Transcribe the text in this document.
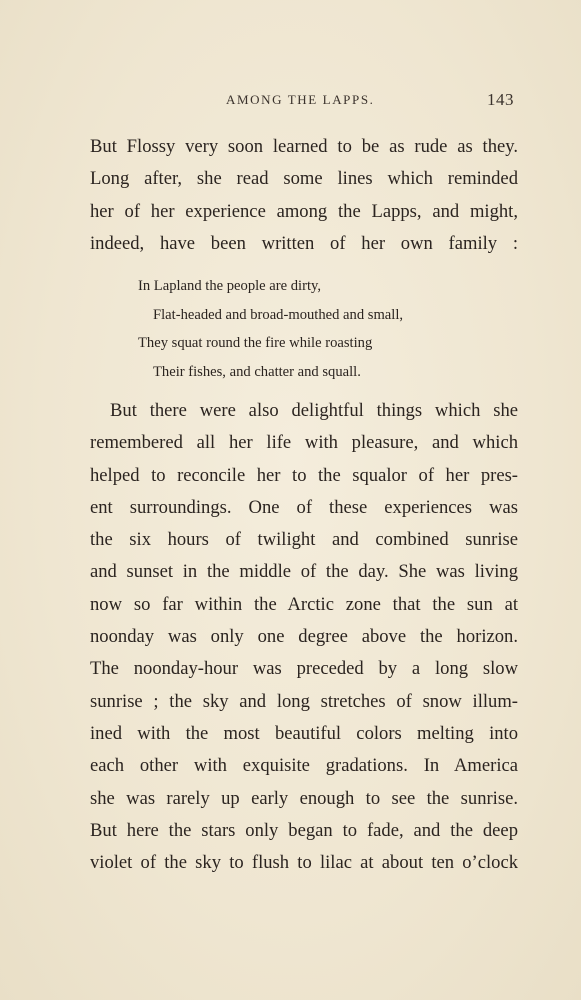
AMONG THE LAPPS.	143
But Flossy very soon learned to be as rude as they.
Long after, she read some lines which reminded
her of her experience among the Lapps, and might,
indeed, have been written of her own family :
In Lapland the people are dirty,
Flat-headed and broad-mouthed and small,
They squat round the fire while roasting
Their fishes, and chatter and squall.
But there were also delightful things which she
remembered all her life with pleasure, and which
helped to reconcile her to the squalor of her pres-
ent surroundings. One of these experiences was
the six hours of twilight and combined sunrise
and sunset in the middle of the day. She was living
now so far within the Arctic zone that the sun at
noonday was only one degree above the horizon.
The noonday-hour was preceded by a long slow
sunrise ; the sky and long stretches of snow illum-
ined with the most beautiful colors melting into
each other with exquisite gradations. In America
she was rarely up early enough to see the sunrise.
But here the stars only began to fade, and the deep
violet of the sky to flush to lilac at about ten o’clock
